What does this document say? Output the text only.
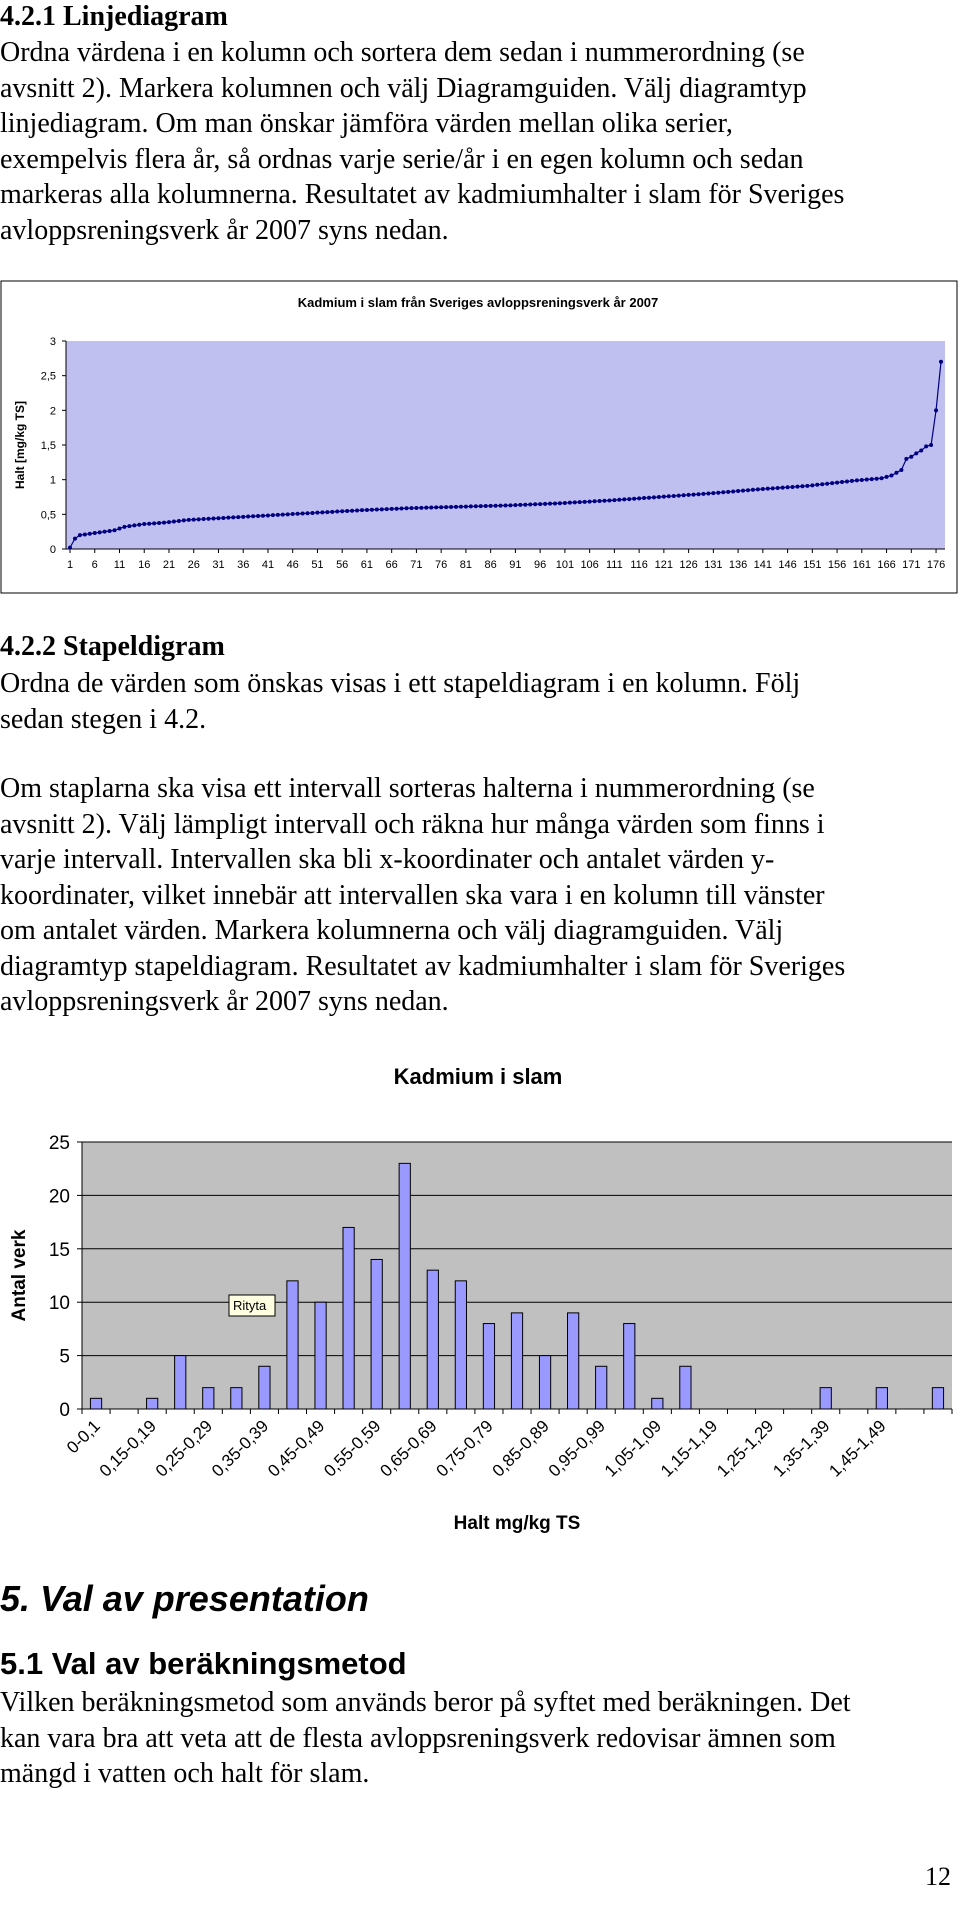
4.2.1 Linjediagram
Ordna värdena i en kolumn och sortera dem sedan i nummerordning (se
avsnitt 2). Markera kolumnen och välj Diagramguiden. Välj diagramtyp
linjediagram. Om man önskar jämföra värden mellan olika serier,
exempelvis flera år, så ordnas varje serie/år i en egen kolumn och sedan
markeras alla kolumnerna. Resultatet av kadmiumhalter i slam för Sveriges
avloppsreningsverk år 2007 syns nedan.
Kadmium i slam från Sveriges avloppsreningsverk år 2007
Halt [mg/kg TS]
0
0,5
1
1,5
2
2,5
3
1 6 11 16 21 26 31 36 41 46 51 56 61 66 71 76 81 86 91 96 101 106 111 116 121 126 131 136 141 146 151 156 161 166 171 176
4.2.2 Stapeldigram
Ordna de värden som önskas visas i ett stapeldiagram i en kolumn. Följ
sedan stegen i 4.2.
Om staplarna ska visa ett intervall sorteras halterna i nummerordning (se
avsnitt 2). Välj lämpligt intervall och räkna hur många värden som finns i
varje intervall. Intervallen ska bli x-koordinater och antalet värden y-
koordinater, vilket innebär att intervallen ska vara i en kolumn till vänster
om antalet värden. Markera kolumnerna och välj diagramguiden. Välj
diagramtyp stapeldiagram. Resultatet av kadmiumhalter i slam för Sveriges
avloppsreningsverk år 2007 syns nedan.
Kadmium i slam
0
5
10
15
20
25
Antal verk
0-0,1
0,15-0,19
0,25-0,29
0,35-0,39
0,45-0,49
0,55-0,59
0,65-0,69
0,75-0,79
0,85-0,89
0,95-0,99
1,05-1,09
1,15-1,19
1,25-1,29
1,35-1,39
1,45-1,49
Halt mg/kg TS
Rityta
5. Val av presentation
5.1 Val av beräkningsmetod
Vilken beräkningsmetod som används beror på syftet med beräkningen. Det
kan vara bra att veta att de flesta avloppsreningsverk redovisar ämnen som
mängd i vatten och halt för slam.
12
